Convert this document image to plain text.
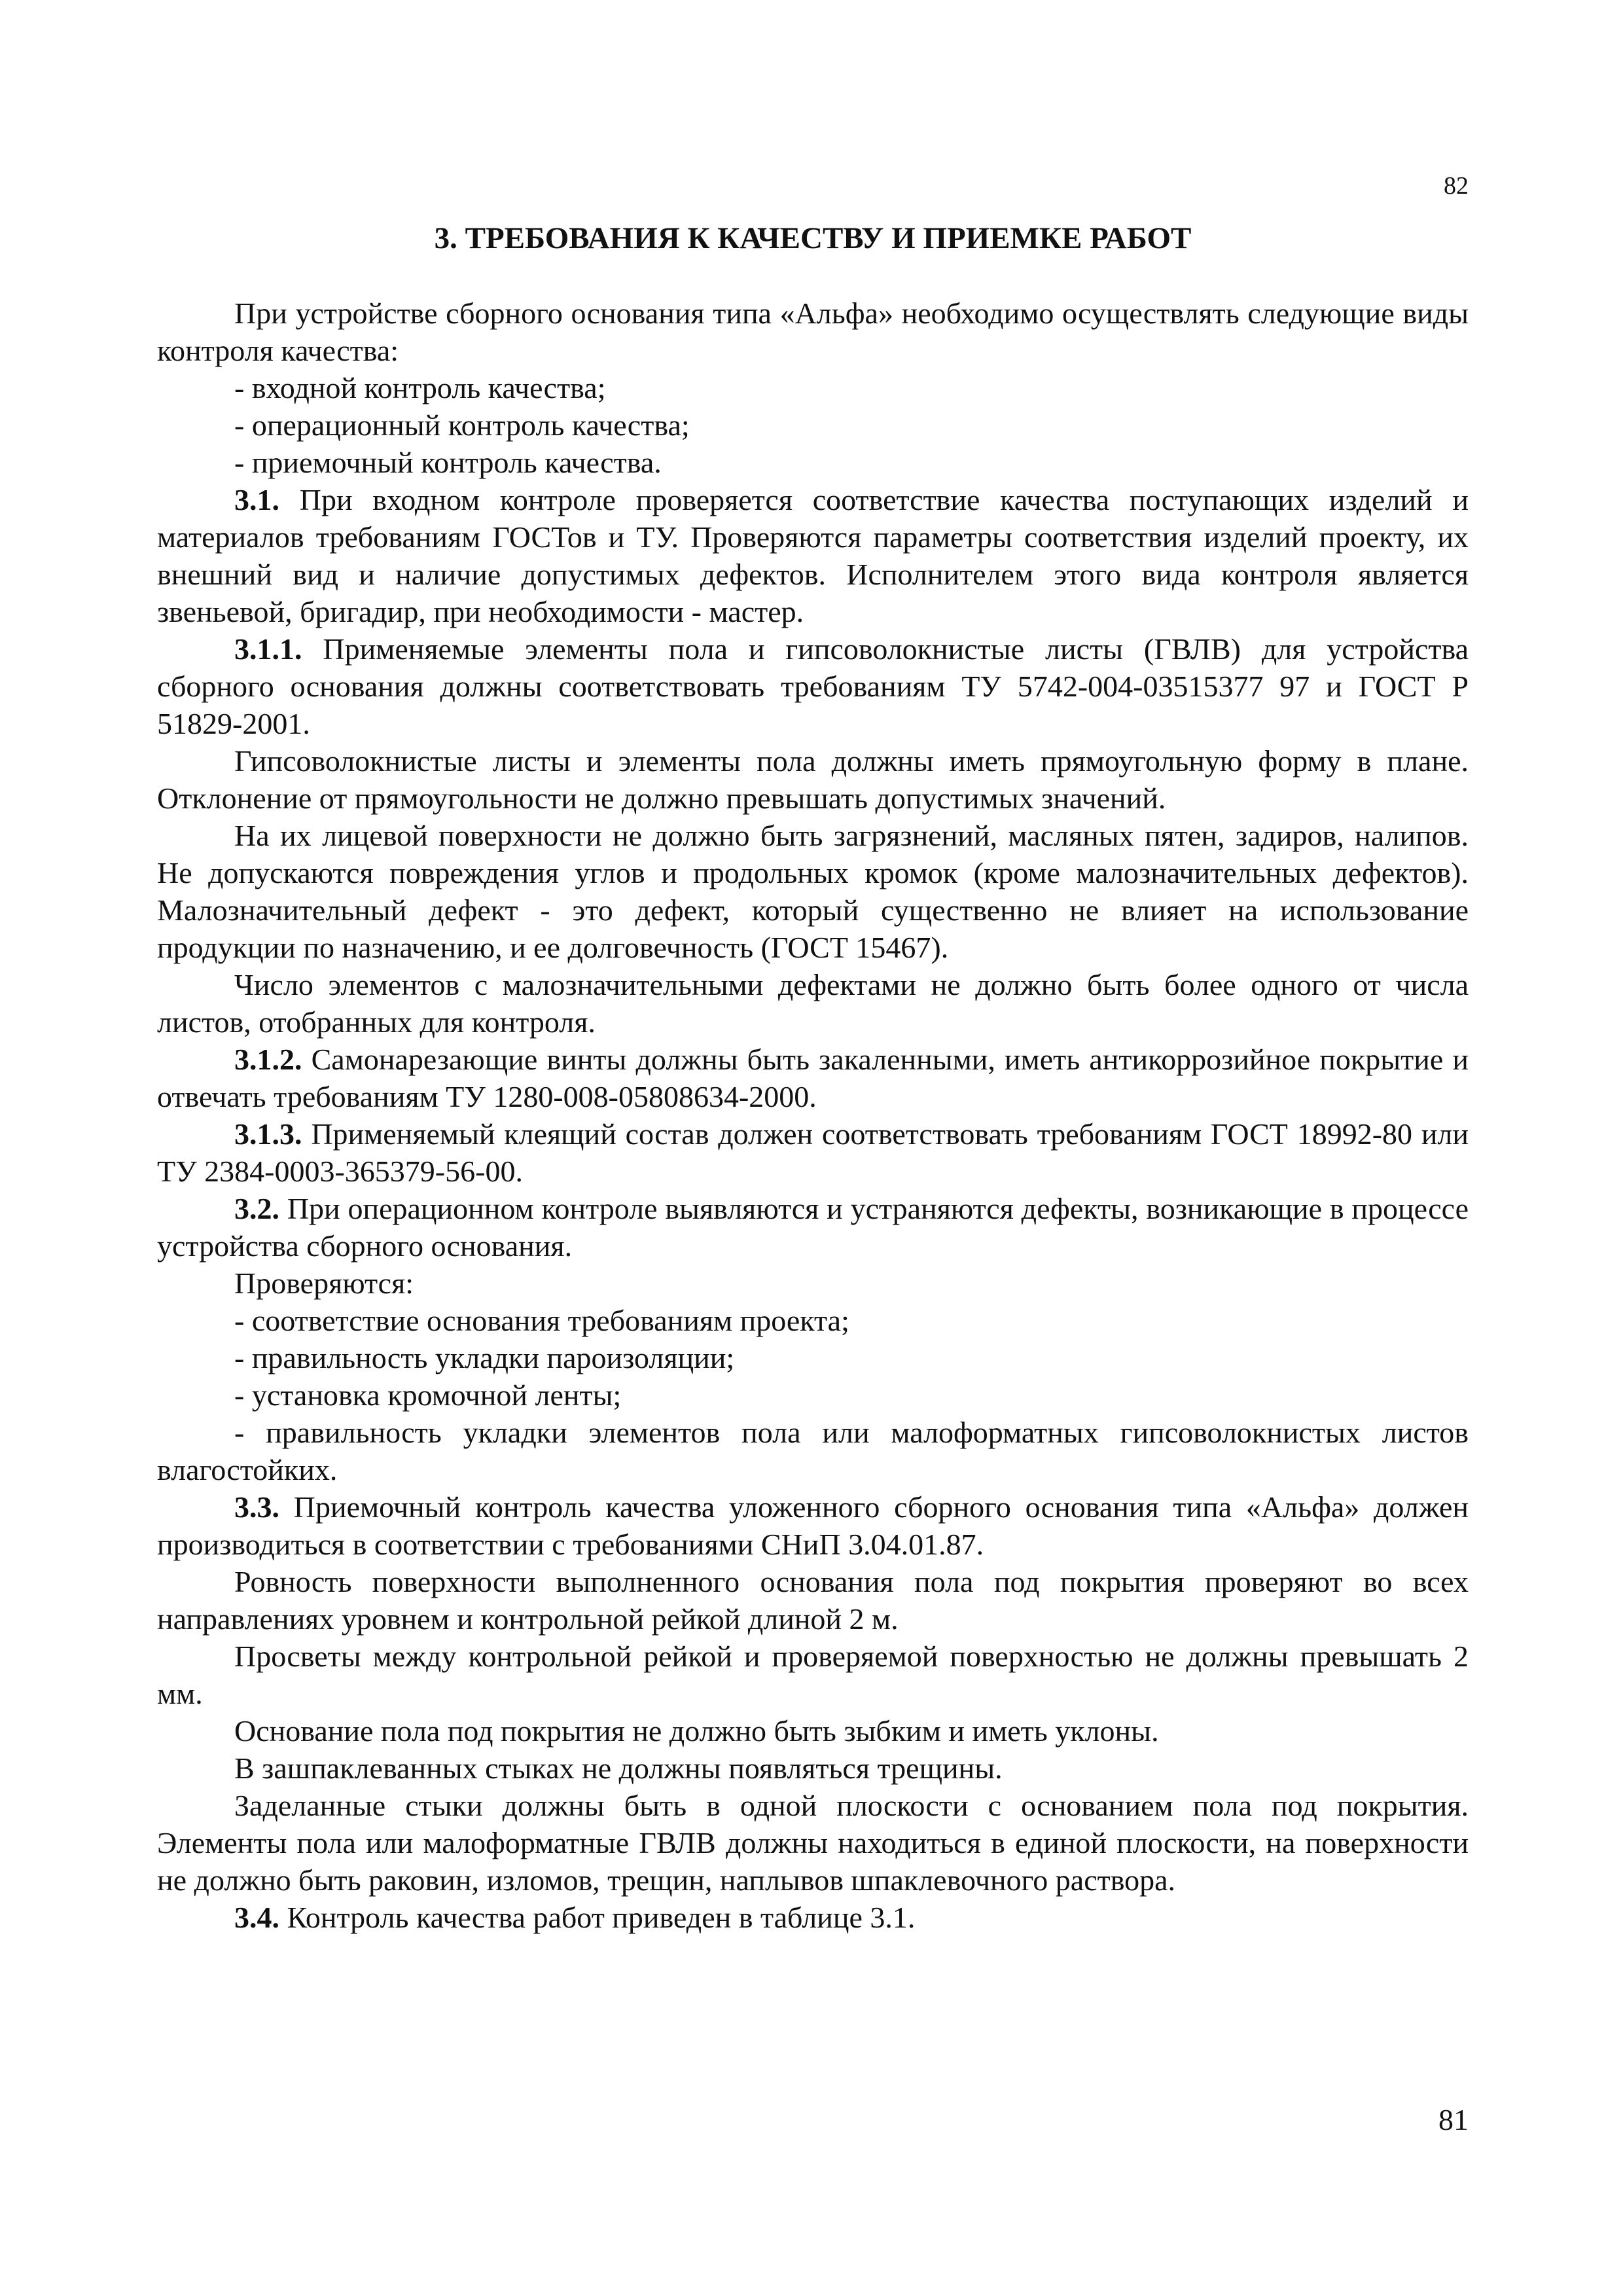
82
3. ТРЕБОВАНИЯ К КАЧЕСТВУ И ПРИЕМКЕ РАБОТ

При устройстве сборного основания типа «Альфа» необходимо осуществлять следующие виды контроля качества:

- входной контроль качества;

- операционный контроль качества;

- приемочный контроль качества.

3.1. При входном контроле проверяется соответствие качества поступающих изделий и материалов требованиям ГОСТов и ТУ. Проверяются параметры соответствия изделий проекту, их внешний вид и наличие допустимых дефектов. Исполнителем этого вида контроля является звеньевой, бригадир, при необходимости - мастер.

3.1.1. Применяемые элементы пола и гипсоволокнистые листы (ГВЛВ) для устройства сборного основания должны соответствовать требованиям ТУ 5742-004-03515377 97 и ГОСТ Р 51829-2001.

Гипсоволокнистые листы и элементы пола должны иметь прямоугольную форму в плане. Отклонение от прямоугольности не должно превышать допустимых значений.

На их лицевой поверхности не должно быть загрязнений, масляных пятен, задиров, налипов. Не допускаются повреждения углов и продольных кромок (кроме малозначительных дефектов). Малозначительный дефект - это дефект, который существенно не влияет на использование продукции по назначению, и ее долговечность (ГОСТ 15467).

Число элементов с малозначительными дефектами не должно быть более одного от числа листов, отобранных для контроля.

3.1.2. Самонарезающие винты должны быть закаленными, иметь антикоррозийное покрытие и отвечать требованиям ТУ 1280-008-05808634-2000.

3.1.3. Применяемый клеящий состав должен соответствовать требованиям ГОСТ 18992-80 или ТУ 2384-0003-365379-56-00.

3.2. При операционном контроле выявляются и устраняются дефекты, возникающие в процессе устройства сборного основания.

Проверяются:

- соответствие основания требованиям проекта;

- правильность укладки пароизоляции;

- установка кромочной ленты;

- правильность укладки элементов пола или малоформатных гипсоволокнистых листов влагостойких.

3.3. Приемочный контроль качества уложенного сборного основания типа «Альфа» должен производиться в соответствии с требованиями СНиП 3.04.01.87.

Ровность поверхности выполненного основания пола под покрытия проверяют во всех направлениях уровнем и контрольной рейкой длиной 2 м.

Просветы между контрольной рейкой и проверяемой поверхностью не должны превышать 2 мм.

Основание пола под покрытия не должно быть зыбким и иметь уклоны.

В зашпаклеванных стыках не должны появляться трещины.

Заделанные стыки должны быть в одной плоскости с основанием пола под покрытия. Элементы пола или малоформатные ГВЛВ должны находиться в единой плоскости, на поверхности не должно быть раковин, изломов, трещин, наплывов шпаклевочного раствора.

3.4. Контроль качества работ приведен в таблице 3.1.

81
